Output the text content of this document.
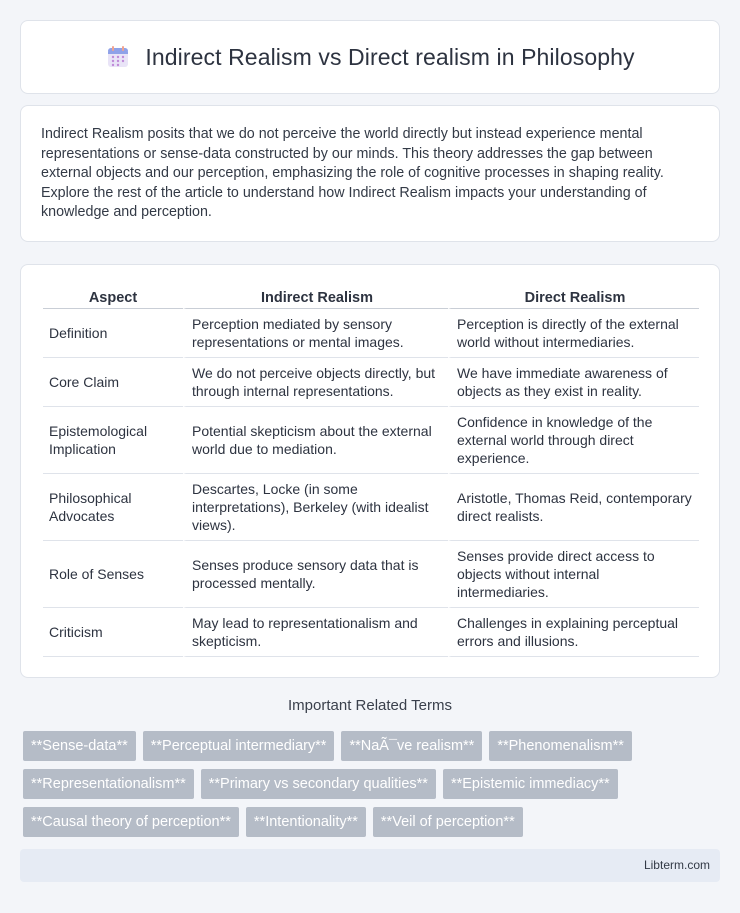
Indirect Realism vs Direct realism in Philosophy

Indirect Realism posits that we do not perceive the world directly but instead experience mental representations or sense-data constructed by our minds. This theory addresses the gap between external objects and our perception, emphasizing the role of cognitive processes in shaping reality. Explore the rest of the article to understand how Indirect Realism impacts your understanding of knowledge and perception.

Aspect	Indirect Realism	Direct Realism
Definition	Perception mediated by sensory representations or mental images.	Perception is directly of the external world without intermediaries.
Core Claim	We do not perceive objects directly, but through internal representations.	We have immediate awareness of objects as they exist in reality.
Epistemological Implication	Potential skepticism about the external world due to mediation.	Confidence in knowledge of the external world through direct experience.
Philosophical Advocates	Descartes, Locke (in some interpretations), Berkeley (with idealist views).	Aristotle, Thomas Reid, contemporary direct realists.
Role of Senses	Senses produce sensory data that is processed mentally.	Senses provide direct access to objects without internal intermediaries.
Criticism	May lead to representationalism and skepticism.	Challenges in explaining perceptual errors and illusions.
Important Related Terms
**Sense-data**	**Perceptual intermediary**	**NaÃ¯ve realism**	**Phenomenalism**
**Representationalism**	**Primary vs secondary qualities**	**Epistemic immediacy**
**Causal theory of perception**	**Intentionality**	**Veil of perception**
Libterm.com
